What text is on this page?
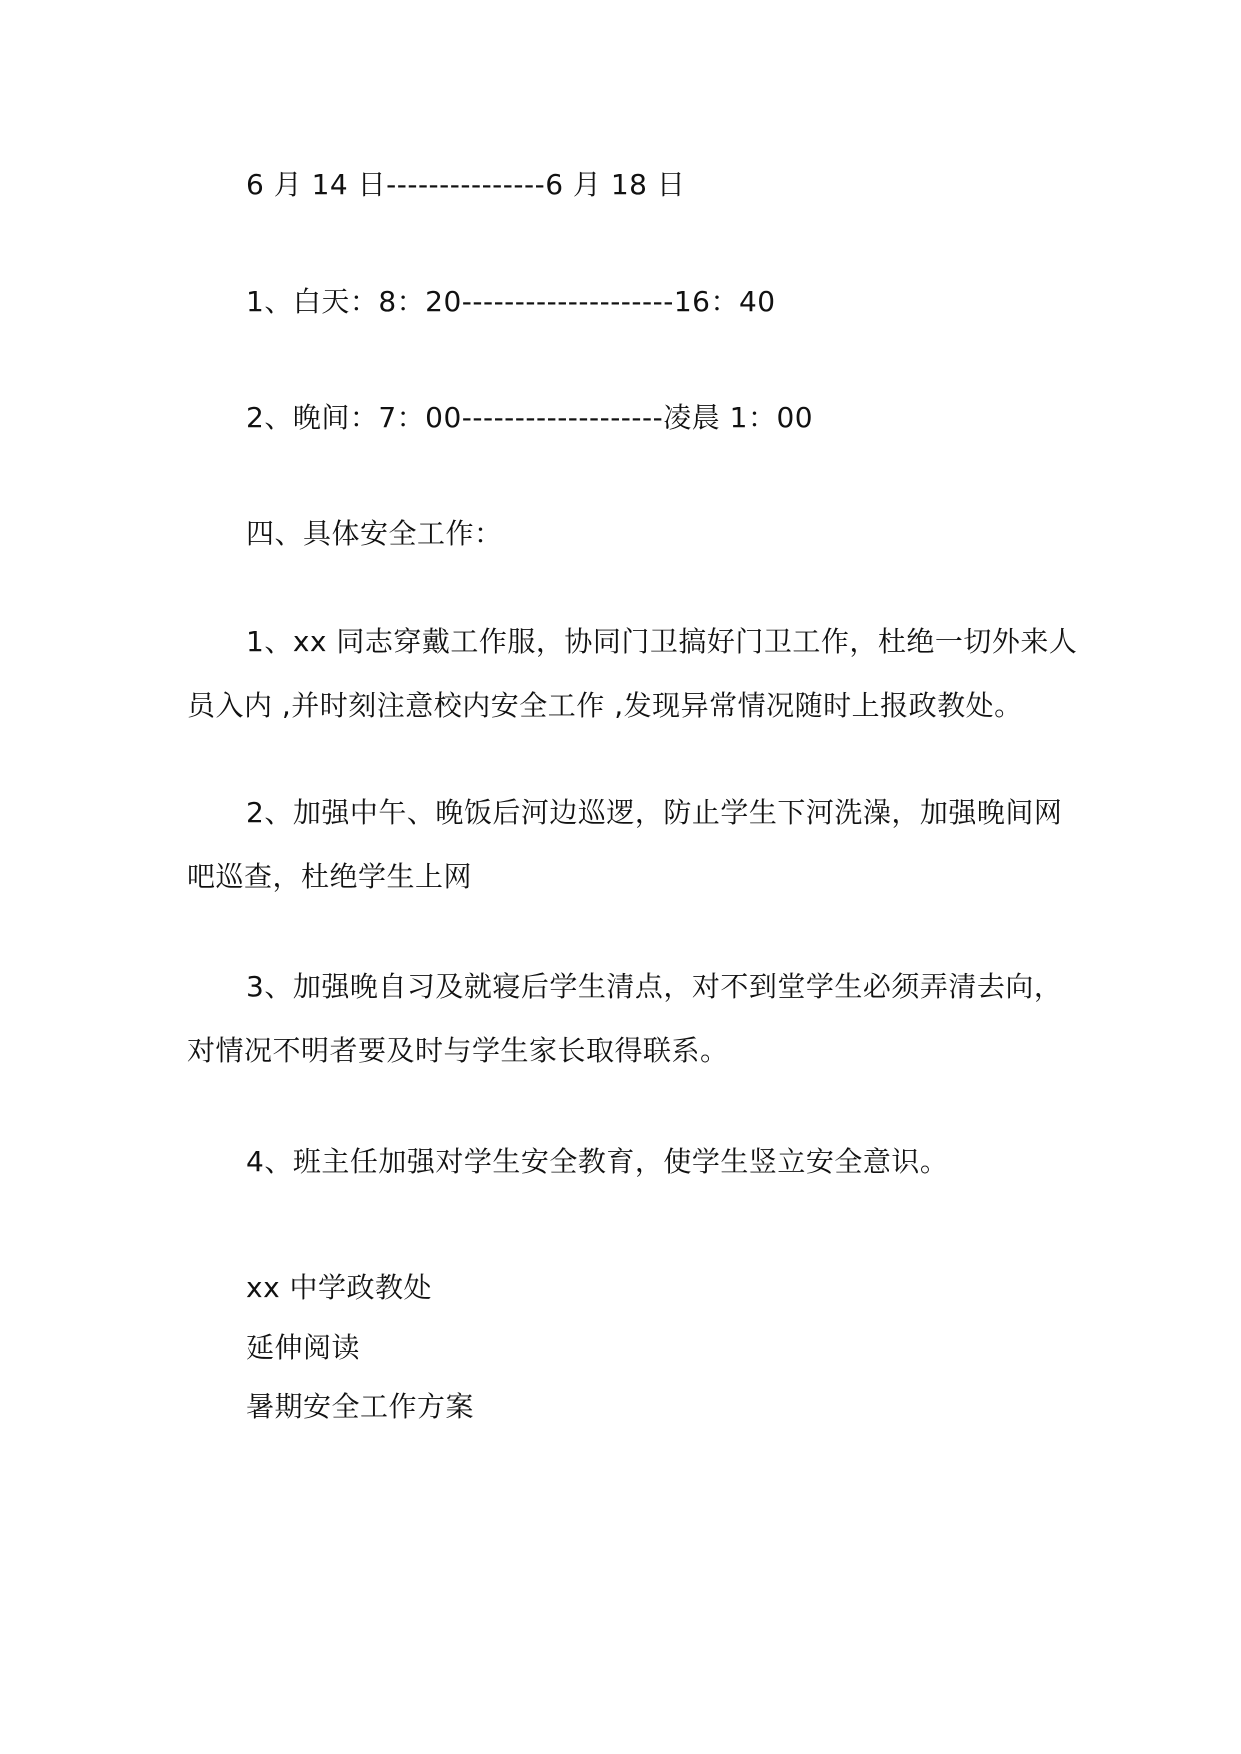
6 月 14 日---------------6 月 18 日
1、白天：8：20--------------------16：40
2、晚间：7：00-------------------凌晨 1：00
四、具体安全工作：
1、xx 同志穿戴工作服，协同门卫搞好门卫工作，杜绝一切外来人员入内 ,并时刻注意校内安全工作 ,发现异常情况随时上报政教处。
2、加强中午、晚饭后河边巡逻，防止学生下河洗澡，加强晚间网吧巡查，杜绝学生上网
3、加强晚自习及就寝后学生清点，对不到堂学生必须弄清去向，对情况不明者要及时与学生家长取得联系。
4、班主任加强对学生安全教育，使学生竖立安全意识。
xx 中学政教处
延伸阅读
暑期安全工作方案
